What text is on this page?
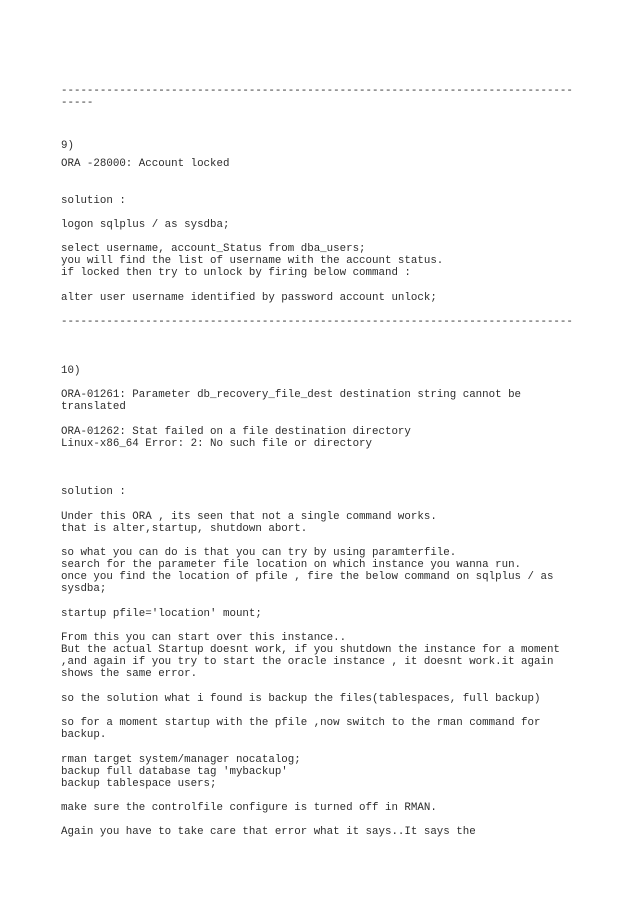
-------------------------------------------------------------------------------

-----

9)

ORA -28000: Account locked

solution :

logon sqlplus / as sysdba;

select username, account_Status from dba_users;

you will find the list of username with the account status.

if locked then try to unlock by firing below command :

alter user username identified by password account unlock;

-------------------------------------------------------------------------------

10)

ORA-01261: Parameter db_recovery_file_dest destination string cannot be

translated

ORA-01262: Stat failed on a file destination directory

Linux-x86_64 Error: 2: No such file or directory

solution :

Under this ORA , its seen that not a single command works.

that is alter,startup, shutdown abort.

so what you can do is that you can try by using paramterfile.

search for the parameter file location on which instance you wanna run.

once you find the location of pfile , fire the below command on sqlplus / as

sysdba;

startup pfile='location' mount;

From this you can start over this instance..

But the actual Startup doesnt work, if you shutdown the instance for a moment

,and again if you try to start the oracle instance , it doesnt work.it again

shows the same error.

so the solution what i found is backup the files(tablespaces, full backup)

so for a moment startup with the pfile ,now switch to the rman command for

backup.

rman target system/manager nocatalog;

backup full database tag 'mybackup'

backup tablespace users;

make sure the controlfile configure is turned off in RMAN.

Again you have to take care that error what it says..It says the
